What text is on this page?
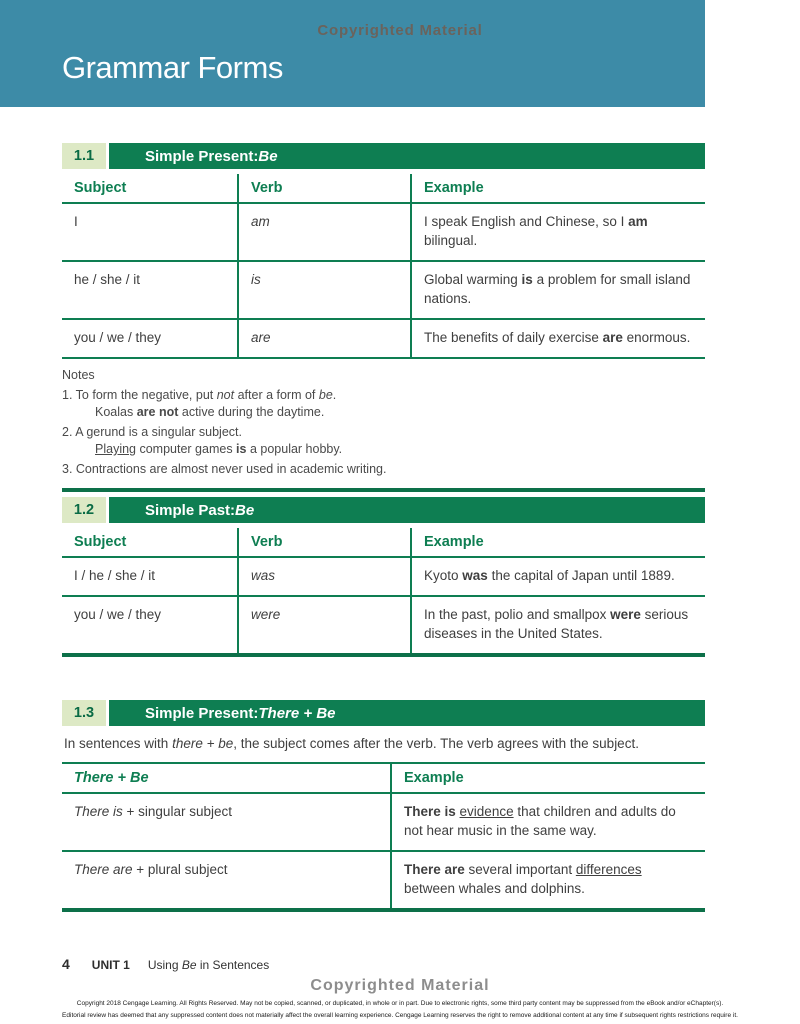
Copyrighted Material
Grammar Forms
1.1	Simple Present: Be
Subject	Verb	Example
I	am	I speak English and Chinese, so I am bilingual.
he / she / it	is	Global warming is a problem for small island nations.
you / we / they	are	The benefits of daily exercise are enormous.
Notes
1. To form the negative, put not after a form of be.
Koalas are not active during the daytime.
2. A gerund is a singular subject.
Playing computer games is a popular hobby.
3. Contractions are almost never used in academic writing.
1.2	Simple Past: Be
Subject	Verb	Example
I / he / she / it	was	Kyoto was the capital of Japan until 1889.
you / we / they	were	In the past, polio and smallpox were serious diseases in the United States.
1.3	Simple Present: There + Be
In sentences with there + be, the subject comes after the verb. The verb agrees with the subject.
There + Be	Example
There is + singular subject	There is evidence that children and adults do not hear music in the same way.
There are + plural subject	There are several important differences between whales and dolphins.
4 UNIT 1 Using Be in Sentences
Copyrighted Material
Copyright 2018 Cengage Learning. All Rights Reserved. May not be copied, scanned, or duplicated, in whole or in part. Due to electronic rights, some third party content may be suppressed from the eBook and/or eChapter(s).
Editorial review has deemed that any suppressed content does not materially affect the overall learning experience. Cengage Learning reserves the right to remove additional content at any time if subsequent rights restrictions require it.
